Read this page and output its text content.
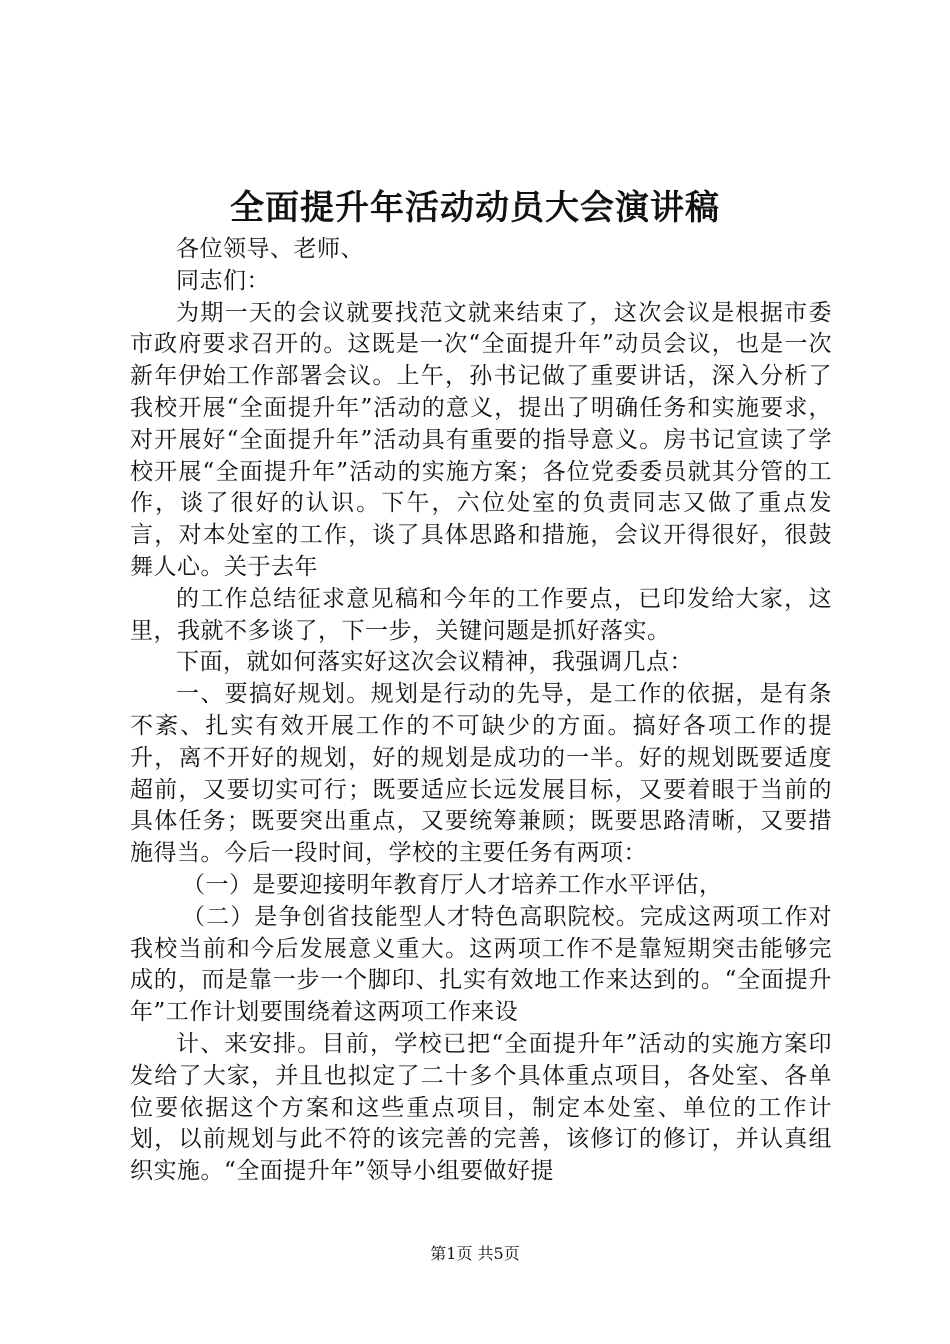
全面提升年活动动员大会演讲稿

各位领导、老师、

同志们：

为期一天的会议就要找范文就来结束了，这次会议是根据市委市政府要求召开的。这既是一次“全面提升年”动员会议，也是一次新年伊始工作部署会议。上午，孙书记做了重要讲话，深入分析了我校开展“全面提升年”活动的意义，提出了明确任务和实施要求，对开展好“全面提升年”活动具有重要的指导意义。房书记宣读了学校开展“全面提升年”活动的实施方案；各位党委委员就其分管的工作，谈了很好的认识。下午，六位处室的负责同志又做了重点发言，对本处室的工作，谈了具体思路和措施，会议开得很好，很鼓舞人心。关于去年

的工作总结征求意见稿和今年的工作要点，已印发给大家，这里，我就不多谈了，下一步，关键问题是抓好落实。

下面，就如何落实好这次会议精神，我强调几点：

一、要搞好规划。规划是行动的先导，是工作的依据，是有条不紊、扎实有效开展工作的不可缺少的方面。搞好各项工作的提升，离不开好的规划，好的规划是成功的一半。好的规划既要适度超前，又要切实可行；既要适应长远发展目标，又要着眼于当前的具体任务；既要突出重点，又要统筹兼顾；既要思路清晰，又要措施得当。今后一段时间，学校的主要任务有两项：

（一）是要迎接明年教育厅人才培养工作水平评估，

（二）是争创省技能型人才特色高职院校。完成这两项工作对我校当前和今后发展意义重大。这两项工作不是靠短期突击能够完成的，而是靠一步一个脚印、扎实有效地工作来达到的。“全面提升年”工作计划要围绕着这两项工作来设

计、来安排。目前，学校已把“全面提升年”活动的实施方案印发给了大家，并且也拟定了二十多个具体重点项目，各处室、各单位要依据这个方案和这些重点项目，制定本处室、单位的工作计划，以前规划与此不符的该完善的完善，该修订的修订，并认真组织实施。“全面提升年”领导小组要做好提

第1页 共5页
